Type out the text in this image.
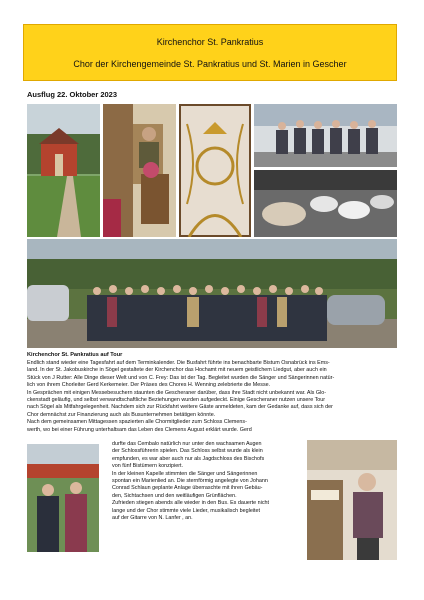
Kirchenchor St. Pankratius
Chor der Kirchengemeinde St. Pankratius und St. Marien in Gescher
Ausflug 22. Oktober 2023
Kirchenchor St. Pankratius auf Tour
Endlich stand wieder eine Tagesfahrt auf dem Terminkalender. Die Busfahrt führte ins benachbarte Bistum Osnabrück ins Ems-
land. In der St. Jakobuskirche in Sögel gestaltete der Kirchenchor das Hochamt mit neuem geistlichem Liedgut, aber auch ein
Stück von J Rutter: Alle Dinge dieser Welt und von C. Frey: Das ist der Tag. Begleitet wurden die Sänger und Sängerinnen natür-
lich von ihrem Chorleiter Gerd Kerkemeier. Der Präses des Chores H. Wenning zelebrierte die Messe.
In Gesprächen mit einigen Messebesuchern staunten die Gescheraner darüber, dass ihre Stadt nicht unbekannt war. Als Glo-
ckenstadt geläufig, und selbst verwandtschaftliche Beziehungen wurden aufgedeckt. Einige Gescheraner nutzen unsere Tour
nach Sögel als Mitfahrgelegenheit. Nachdem sich zur Rückfahrt weitere Gäste anmeldeten, kam der Gedanke auf, dass sich der
Chor demnächst zur Finanzierung auch als Busunternehmen betätigen könnte.
Nach dem gemeinsamen Mittagessen spazierten alle Chormitglieder zum Schloss Clemens-
werth, wo bei einer Führung unterhaltsam das Leben des Clemens August erklärt wurde. Gerd
durfte das Cembalo natürlich nur unter den wachsamen Augen
der Schlossführerin spielen. Das Schloss selbst wurde als klein
empfunden, es war aber auch nur als Jagdschloss des Bischofs
von fünf Bistümern konzipiert.
In der kleinen Kapelle stimmten die Sänger und Sängerinnen
spontan ein Marienlied an. Die sternförmig angelegte von Johann
Conrad Schlaun geplante Anlage überraschte mit ihren Gebäu-
den, Sichtachsen und den weitläufigen Grünflächen.
Zufrieden stiegen abends alle wieder in den Bus. Es dauerte nicht
lange und der Chor stimmte viele Lieder, musikalisch begleitet
auf der Gitarre von N. Lanfer , an.
